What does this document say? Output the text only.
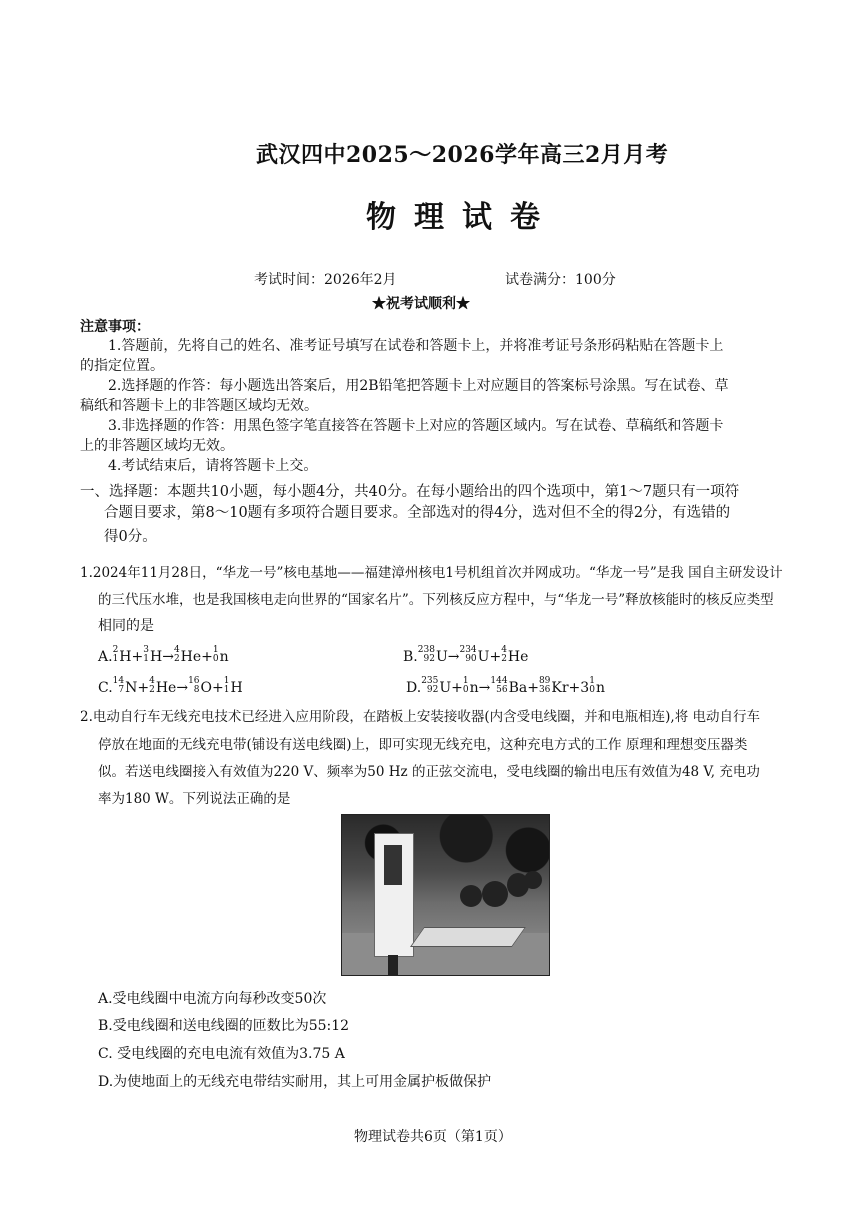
武汉四中2025～2026学年高三2月月考
物理试卷
考试时间：2026年2月	试卷满分：100分
★祝考试顺利★
注意事项：
1.答题前，先将自己的姓名、准考证号填写在试卷和答题卡上，并将准考证号条形码粘贴在答题卡上
的指定位置。
2.选择题的作答：每小题选出答案后，用2B铅笔把答题卡上对应题目的答案标号涂黑。写在试卷、草
稿纸和答题卡上的非答题区域均无效。
3.非选择题的作答：用黑色签字笔直接答在答题卡上对应的答题区域内。写在试卷、草稿纸和答题卡
上的非答题区域均无效。
4.考试结束后，请将答题卡上交。
一、选择题：本题共10小题，每小题4分，共40分。在每小题给出的四个选项中，第1～7题只有一项符
合题目要求，第8～10题有多项符合题目要求。全部选对的得4分，选对但不全的得2分，有选错的
得0分。
1.2024年11月28日，“华龙一号”核电基地——福建漳州核电1号机组首次并网成功。“华龙一号”是我 国自主研发设计
的三代压水堆，也是我国核电走向世界的“国家名片”。下列核反应方程中，与“华龙一号”释放核能时的核反应类型
相同的是
A. 2
1 H+ 3
1 H→ 4
2 He+ 1
0 n	B. 238
92 U→ 234
90 U+ 4
2 He
C. 14
7 N+ 4
2 He→ 16
8 O+ 1
1 H	D. 235
92 U+ 1
0 n→ 144
56 Ba+ 89
36 Kr+3 1
0 n
2.电动自行车无线充电技术已经进入应用阶段，在踏板上安装接收器(内含受电线圈，并和电瓶相连),将 电动自行车
停放在地面的无线充电带(铺设有送电线圈)上，即可实现无线充电，这种充电方式的工作 原理和理想变压器类
似。若送电线圈接入有效值为220 V、频率为50 Hz 的正弦交流电，受电线圈的输出电压有效值为48 V, 充电功
率为180 W。下列说法正确的是
A.受电线圈中电流方向每秒改变50次
B.受电线圈和送电线圈的匝数比为55:12
C. 受电线圈的充电电流有效值为3.75 A
D.为使地面上的无线充电带结实耐用，其上可用金属护板做保护
物理试卷共6页（第1页）
